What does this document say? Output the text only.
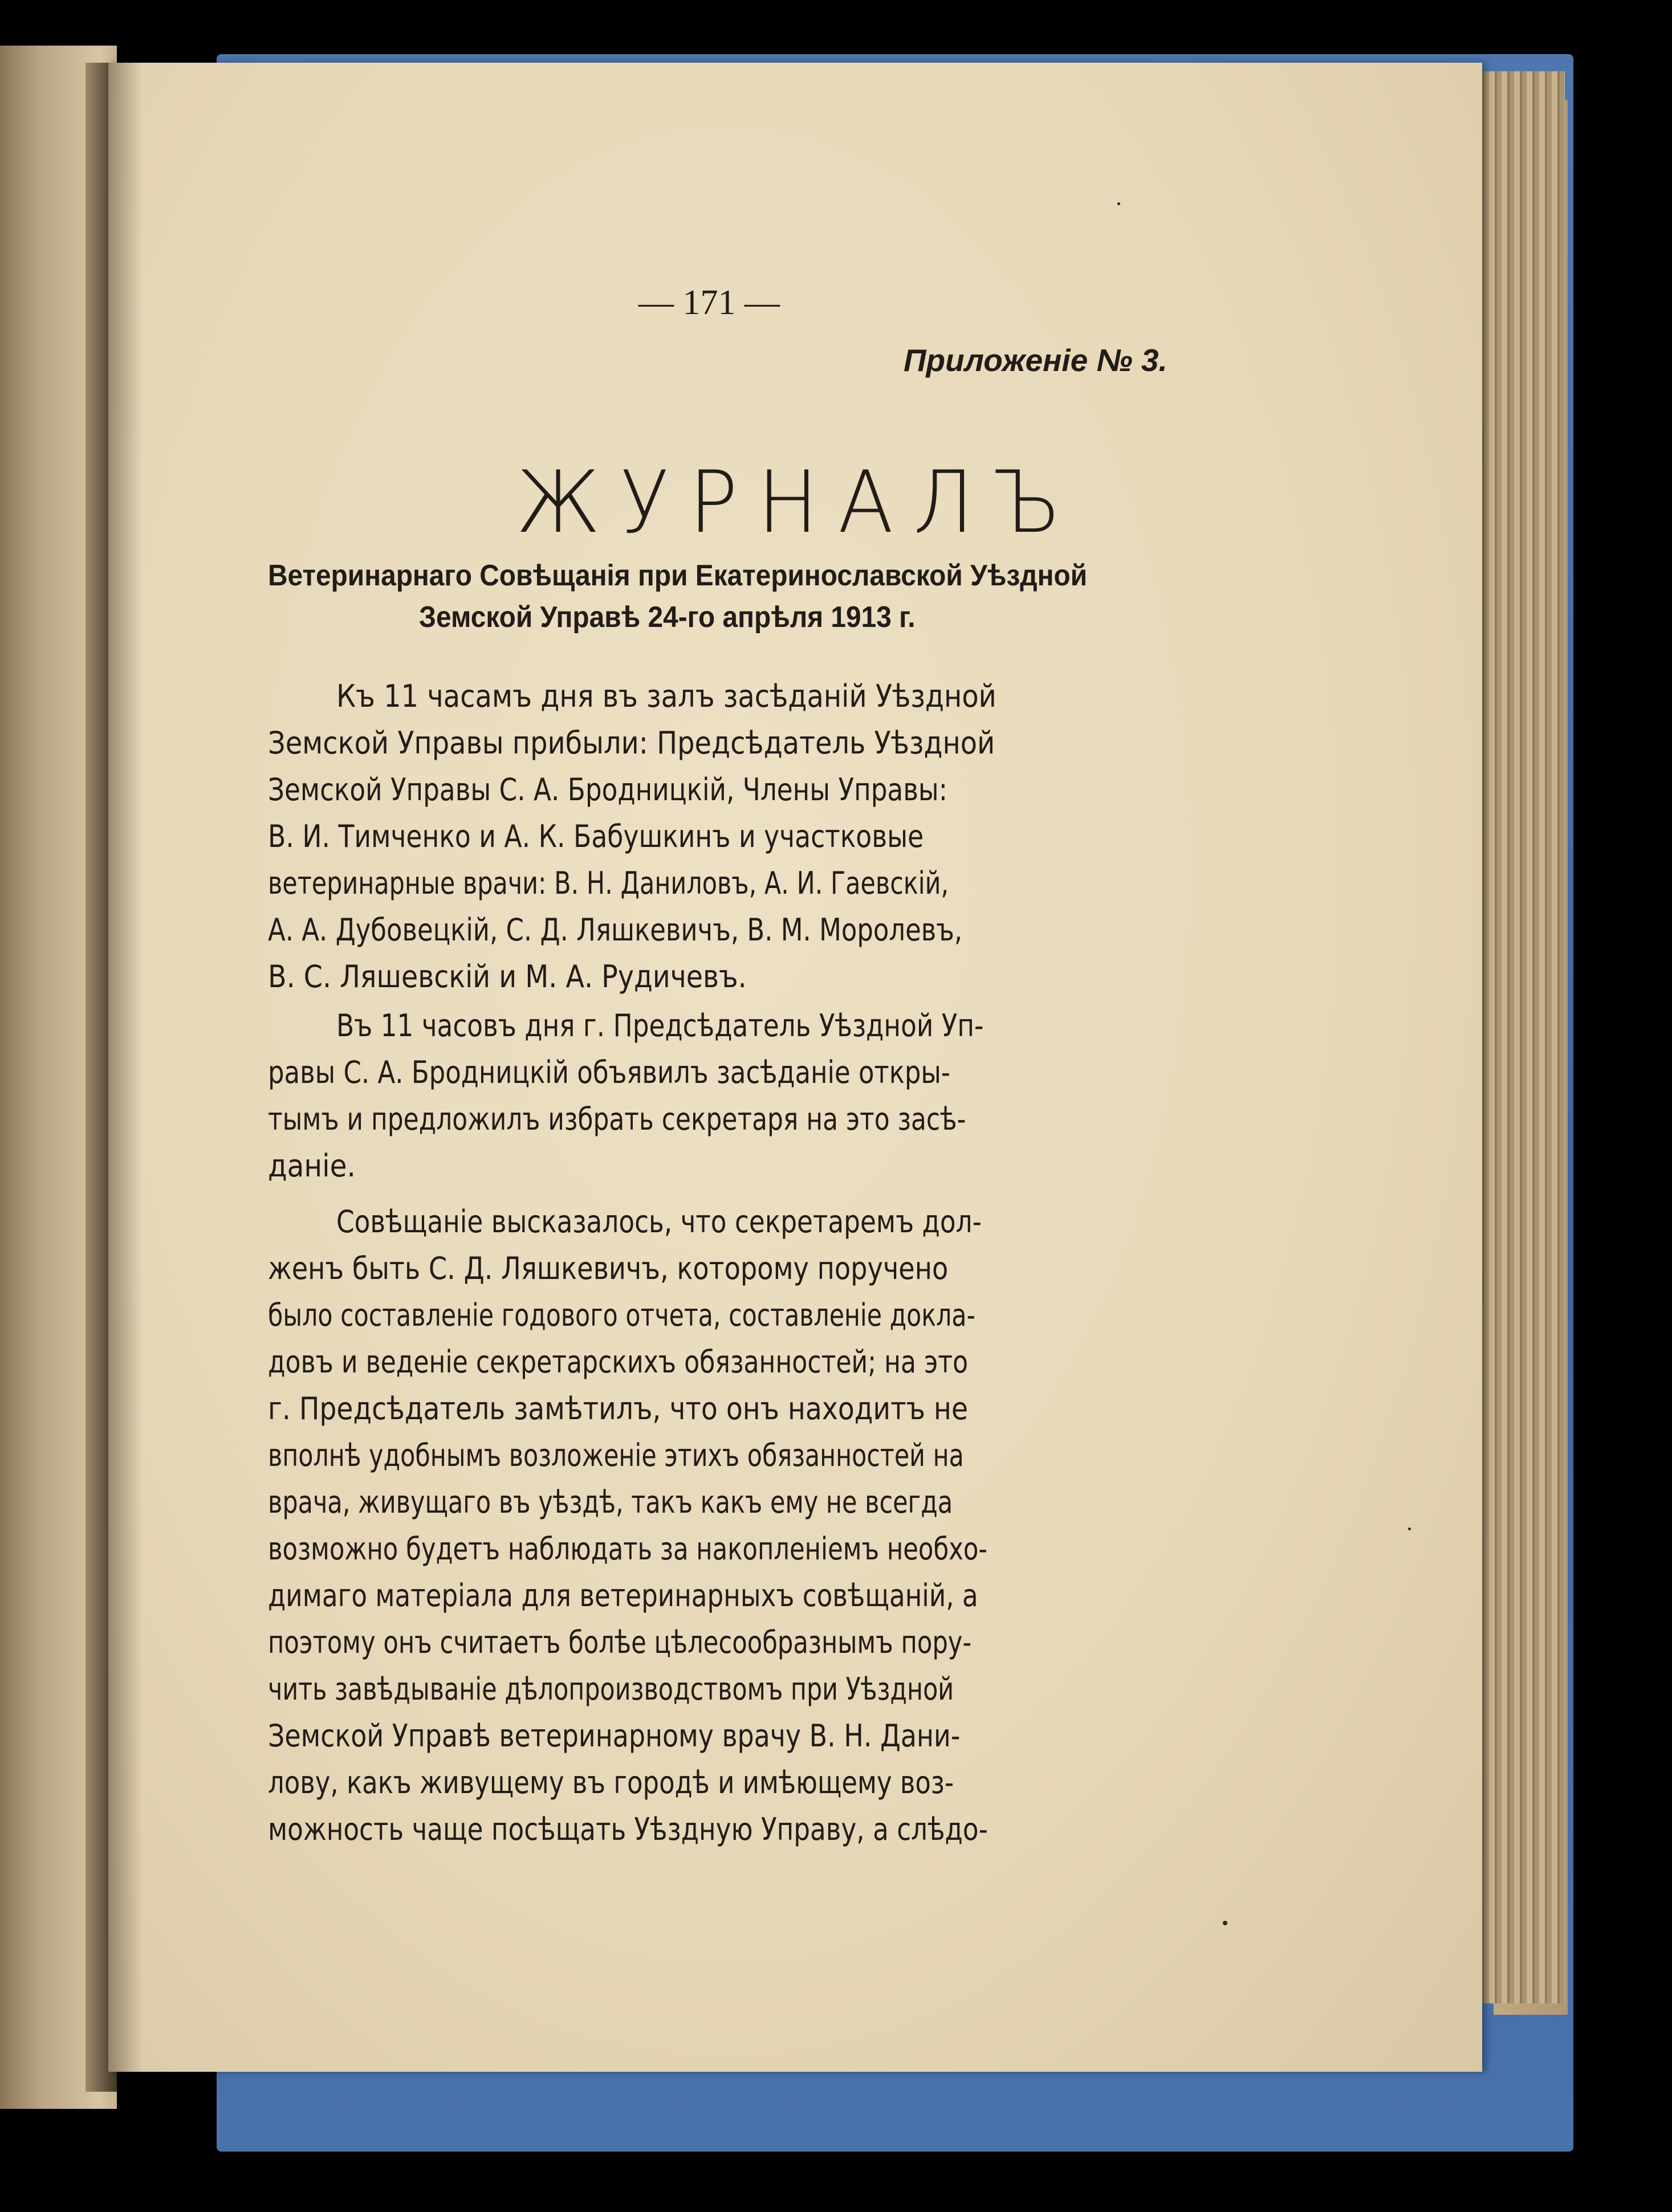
— 171 —
Приложеніе № 3.
ЖУРНАЛЪ
Ветеринарнаго Совѣщанія при Екатеринославской Уѣздной
Земской Управѣ 24-го апрѣля 1913 г.
Къ 11 часамъ дня въ залъ засѣданій Уѣздной
Земской Управы прибыли: Предсѣдатель Уѣздной
Земской Управы С. А. Бродницкій, Члены Управы:
В. И. Тимченко и А. К. Бабушкинъ и участковые
ветеринарные врачи: В. Н. Даниловъ, А. И. Гаевскій,
А. А. Дубовецкій, С. Д. Ляшкевичъ, В. М. Моролевъ,
В. С. Ляшевскій и М. А. Рудичевъ.
Въ 11 часовъ дня г. Предсѣдатель Уѣздной Уп-
равы С. А. Бродницкій объявилъ засѣданіе откры-
тымъ и предложилъ избрать секретаря на это засѣ-
даніе.
Совѣщаніе высказалось, что секретаремъ дол-
женъ быть С. Д. Ляшкевичъ, которому поручено
было составленіе годового отчета, составленіе докла-
довъ и веденіе секретарскихъ обязанностей; на это
г. Предсѣдатель замѣтилъ, что онъ находитъ не
вполнѣ удобнымъ возложеніе этихъ обязанностей на
врача, живущаго въ уѣздѣ, такъ какъ ему не всегда
возможно будетъ наблюдать за накопленіемъ необхо-
димаго матеріала для ветеринарныхъ совѣщаній, а
поэтому онъ считаетъ болѣе цѣлесообразнымъ пору-
чить завѣдываніе дѣлопроизводствомъ при Уѣздной
Земской Управѣ ветеринарному врачу В. Н. Дани-
лову, какъ живущему въ городѣ и имѣющему воз-
можность чаще посѣщать Уѣздную Управу, а слѣдо-
